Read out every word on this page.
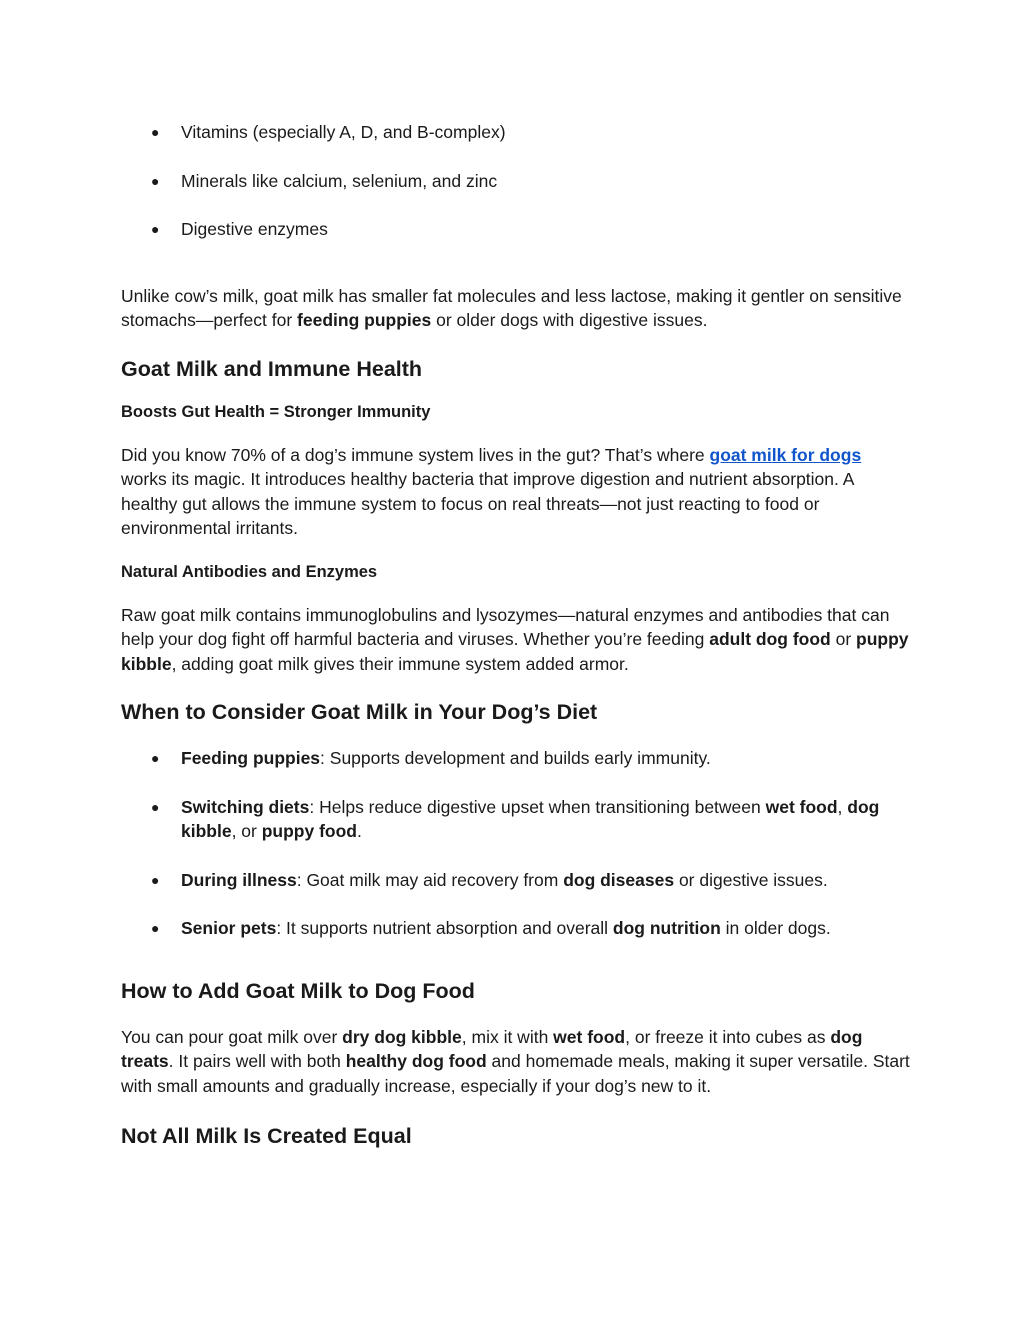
● Vitamins (especially A, D, and B-complex)
● Minerals like calcium, selenium, and zinc
● Digestive enzymes

Unlike cow’s milk, goat milk has smaller fat molecules and less lactose, making it gentler on sensitive stomachs—perfect for feeding puppies or older dogs with digestive issues.

Goat Milk and Immune Health
Boosts Gut Health = Stronger Immunity

Did you know 70% of a dog’s immune system lives in the gut? That’s where goat milk for dogs works its magic. It introduces healthy bacteria that improve digestion and nutrient absorption. A healthy gut allows the immune system to focus on real threats—not just reacting to food or environmental irritants.

Natural Antibodies and Enzymes

Raw goat milk contains immunoglobulins and lysozymes—natural enzymes and antibodies that can help your dog fight off harmful bacteria and viruses. Whether you’re feeding adult dog food or puppy kibble, adding goat milk gives their immune system added armor.

When to Consider Goat Milk in Your Dog’s Diet
● Feeding puppies: Supports development and builds early immunity.
● Switching diets: Helps reduce digestive upset when transitioning between wet food, dog kibble, or puppy food.
● During illness: Goat milk may aid recovery from dog diseases or digestive issues.
● Senior pets: It supports nutrient absorption and overall dog nutrition in older dogs.
How to Add Goat Milk to Dog Food

You can pour goat milk over dry dog kibble, mix it with wet food, or freeze it into cubes as dog treats. It pairs well with both healthy dog food and homemade meals, making it super versatile. Start with small amounts and gradually increase, especially if your dog’s new to it.

Not All Milk Is Created Equal
